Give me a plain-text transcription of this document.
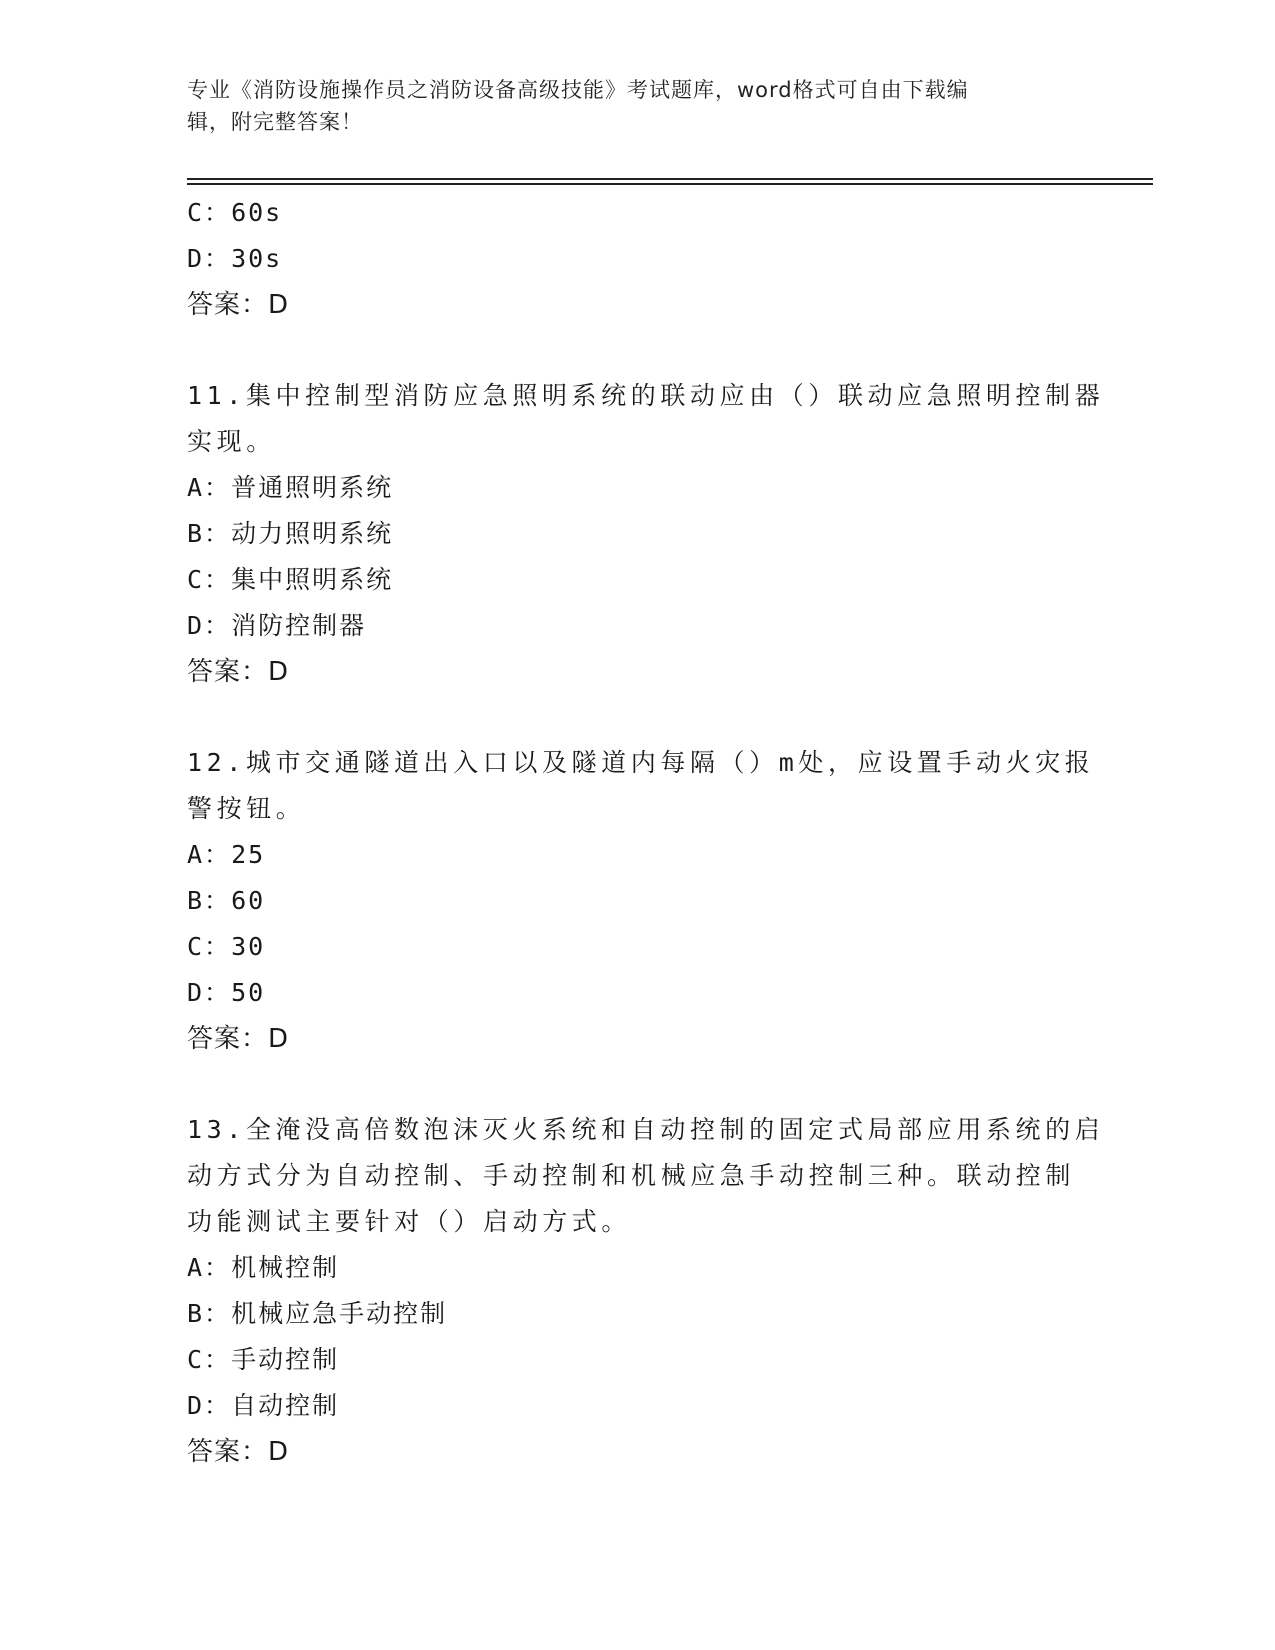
专业《消防设施操作员之消防设备高级技能》考试题库，word格式可自由下载编
辑，附完整答案！
C：60s
D：30s
答案：D
11.集中控制型消防应急照明系统的联动应由（）联动应急照明控制器
实现。
A：普通照明系统
B：动力照明系统
C：集中照明系统
D：消防控制器
答案：D
12.城市交通隧道出入口以及隧道内每隔（）m处，应设置手动火灾报
警按钮。
A：25
B：60
C：30
D：50
答案：D
13.全淹没高倍数泡沫灭火系统和自动控制的固定式局部应用系统的启
动方式分为自动控制、手动控制和机械应急手动控制三种。联动控制
功能测试主要针对（）启动方式。
A：机械控制
B：机械应急手动控制
C：手动控制
D：自动控制
答案：D
